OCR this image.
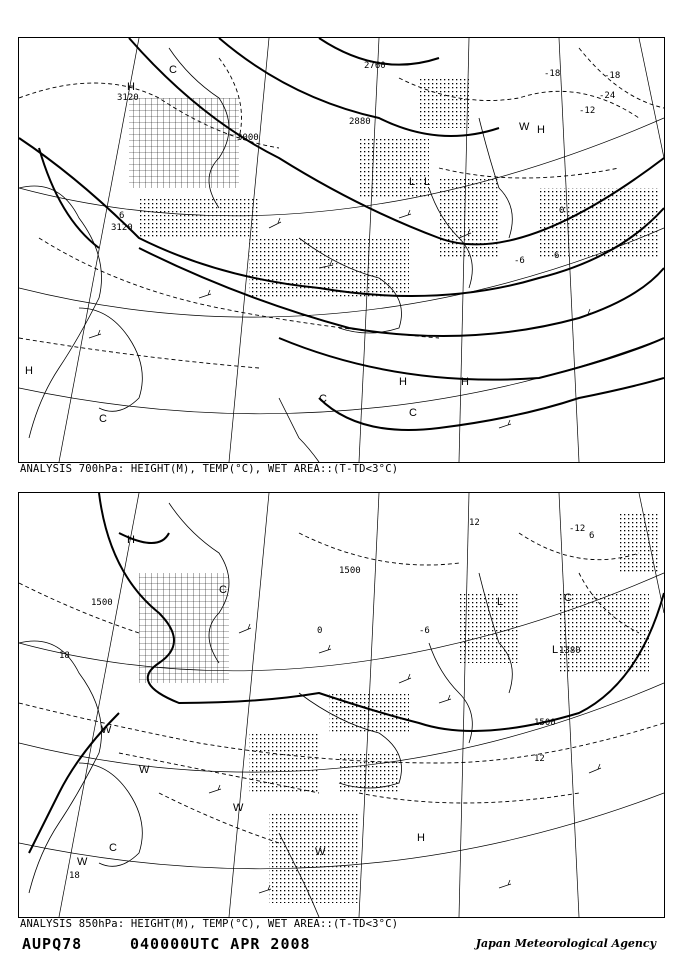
3120
3000
2760
2880
3120
-12
-18
-6
0
6
6
-18
-24
H
H	H
H
H
C
C
C
C
W
L L
ANALYSIS 700hPa: HEIGHT(M), TEMP(°C), WET AREA::(T-TD<3°C)
1500
1500
1500
1380
18
18
12
12
6
-6
-12
0
H
H
W
W
W
W
W
C
C
C
L
L
ANALYSIS 850hPa: HEIGHT(M), TEMP(°C), WET AREA::(T-TD<3°C)
AUPQ78	040000UTC APR 2008	Japan Meteorological Agency
